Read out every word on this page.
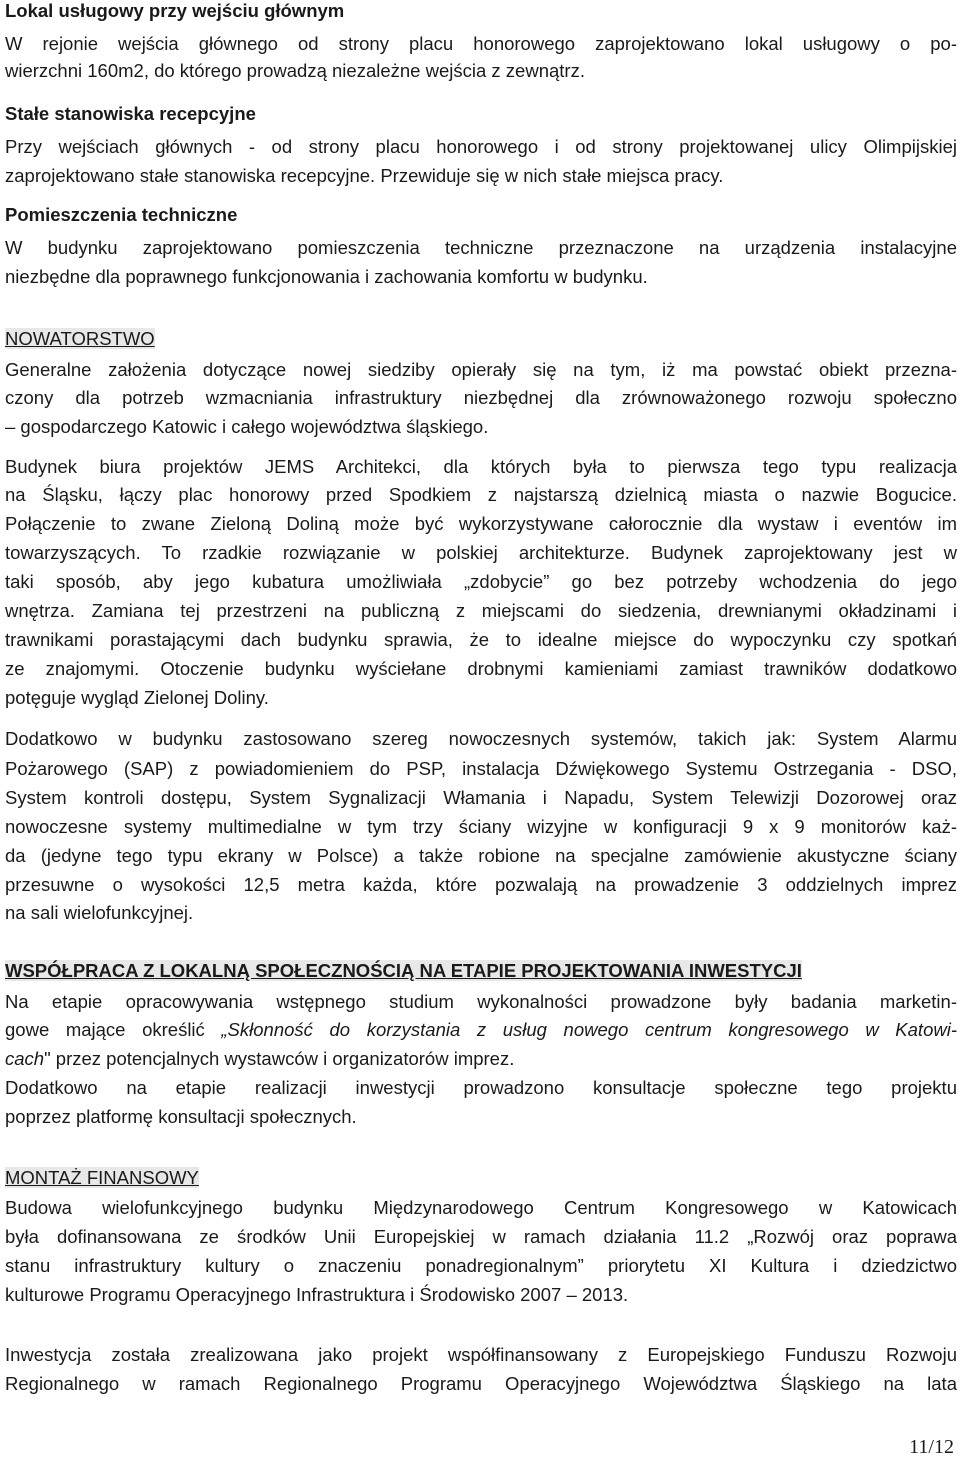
Lokal usługowy przy wejściu głównym
W rejonie wejścia głównego od strony placu honorowego zaprojektowano lokal usługowy o po-
wierzchni 160m2, do którego prowadzą niezależne wejścia z zewnątrz.
Stałe stanowiska recepcyjne
Przy wejściach głównych - od strony placu honorowego i od strony projektowanej ulicy Olimpijskiej
zaprojektowano stałe stanowiska recepcyjne. Przewiduje się w nich stałe miejsca pracy.
Pomieszczenia techniczne
W budynku zaprojektowano pomieszczenia techniczne przeznaczone na urządzenia instalacyjne
niezbędne dla poprawnego funkcjonowania i zachowania komfortu w budynku.
NOWATORSTWO
Generalne założenia dotyczące nowej siedziby opierały się na tym, iż ma powstać obiekt przezna-
czony dla potrzeb wzmacniania infrastruktury niezbędnej dla zrównoważonego rozwoju społeczno
– gospodarczego Katowic i całego województwa śląskiego.
Budynek biura projektów JEMS Architekci, dla których była to pierwsza tego typu realizacja
na Śląsku, łączy plac honorowy przed Spodkiem z najstarszą dzielnicą miasta o nazwie Bogucice.
Połączenie to zwane Zieloną Doliną może być wykorzystywane całorocznie dla wystaw i eventów im
towarzyszących. To rzadkie rozwiązanie w polskiej architekturze. Budynek zaprojektowany jest w
taki sposób, aby jego kubatura umożliwiała „zdobycie” go bez potrzeby wchodzenia do jego
wnętrza. Zamiana tej przestrzeni na publiczną z miejscami do siedzenia, drewnianymi okładzinami i
trawnikami porastającymi dach budynku sprawia, że to idealne miejsce do wypoczynku czy spotkań
ze znajomymi. Otoczenie budynku wyściełane drobnymi kamieniami zamiast trawników dodatkowo
potęguje wygląd Zielonej Doliny.
Dodatkowo w budynku zastosowano szereg nowoczesnych systemów, takich jak: System Alarmu
Pożarowego (SAP) z powiadomieniem do PSP, instalacja Dźwiękowego Systemu Ostrzegania - DSO,
System kontroli dostępu, System Sygnalizacji Włamania i Napadu, System Telewizji Dozorowej oraz
nowoczesne systemy multimedialne w tym trzy ściany wizyjne w konfiguracji 9 x 9 monitorów każ-
da (jedyne tego typu ekrany w Polsce) a także robione na specjalne zamówienie akustyczne ściany
przesuwne o wysokości 12,5 metra każda, które pozwalają na prowadzenie 3 oddzielnych imprez
na sali wielofunkcyjnej.
WSPÓŁPRACA Z LOKALNĄ SPOŁECZNOŚCIĄ NA ETAPIE PROJEKTOWANIA INWESTYCJI
Na etapie opracowywania wstępnego studium wykonalności prowadzone były badania marketin-
gowe mające określić „Skłonność do korzystania z usług nowego centrum kongresowego w Katowi-
cach" przez potencjalnych wystawców i organizatorów imprez.
Dodatkowo na etapie realizacji inwestycji prowadzono konsultacje społeczne tego projektu
poprzez platformę konsultacji społecznych.
MONTAŻ FINANSOWY
Budowa wielofunkcyjnego budynku Międzynarodowego Centrum Kongresowego w Katowicach
była dofinansowana ze środków Unii Europejskiej w ramach działania 11.2 „Rozwój oraz poprawa
stanu infrastruktury kultury o znaczeniu ponadregionalnym” priorytetu XI Kultura i dziedzictwo
kulturowe Programu Operacyjnego Infrastruktura i Środowisko 2007 – 2013.
Inwestycja została zrealizowana jako projekt współfinansowany z Europejskiego Funduszu Rozwoju
Regionalnego w ramach Regionalnego Programu Operacyjnego Województwa Śląskiego na lata
11/12
